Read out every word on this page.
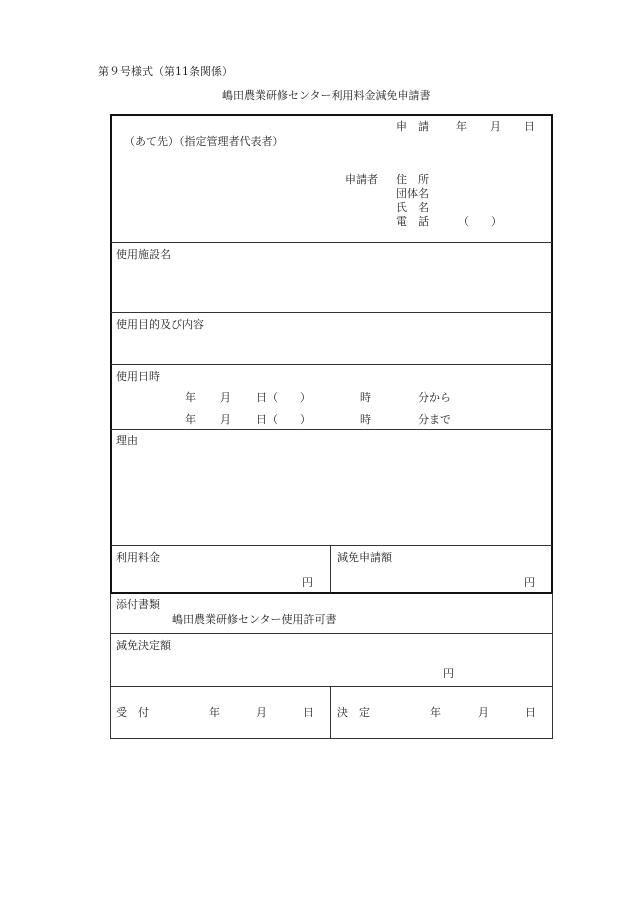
第９号様式（第11条関係）
嶋田農業研修センター利用料金減免申請書
申　請 年 月 日
（あて先）（指定管理者代表者）
申請者 住　所
団体名
氏　名
電　話	（　　）
使用施設名
使用目的及び内容
使用日時
年 月 日（　　）	時	分から
年 月 日（　　）	時	分まで
理由
利用料金
円
減免申請額
円
添付書類
嶋田農業研修センター使用許可書
減免決定額
円
受　付	年	月	日 決　定	年	月	日
